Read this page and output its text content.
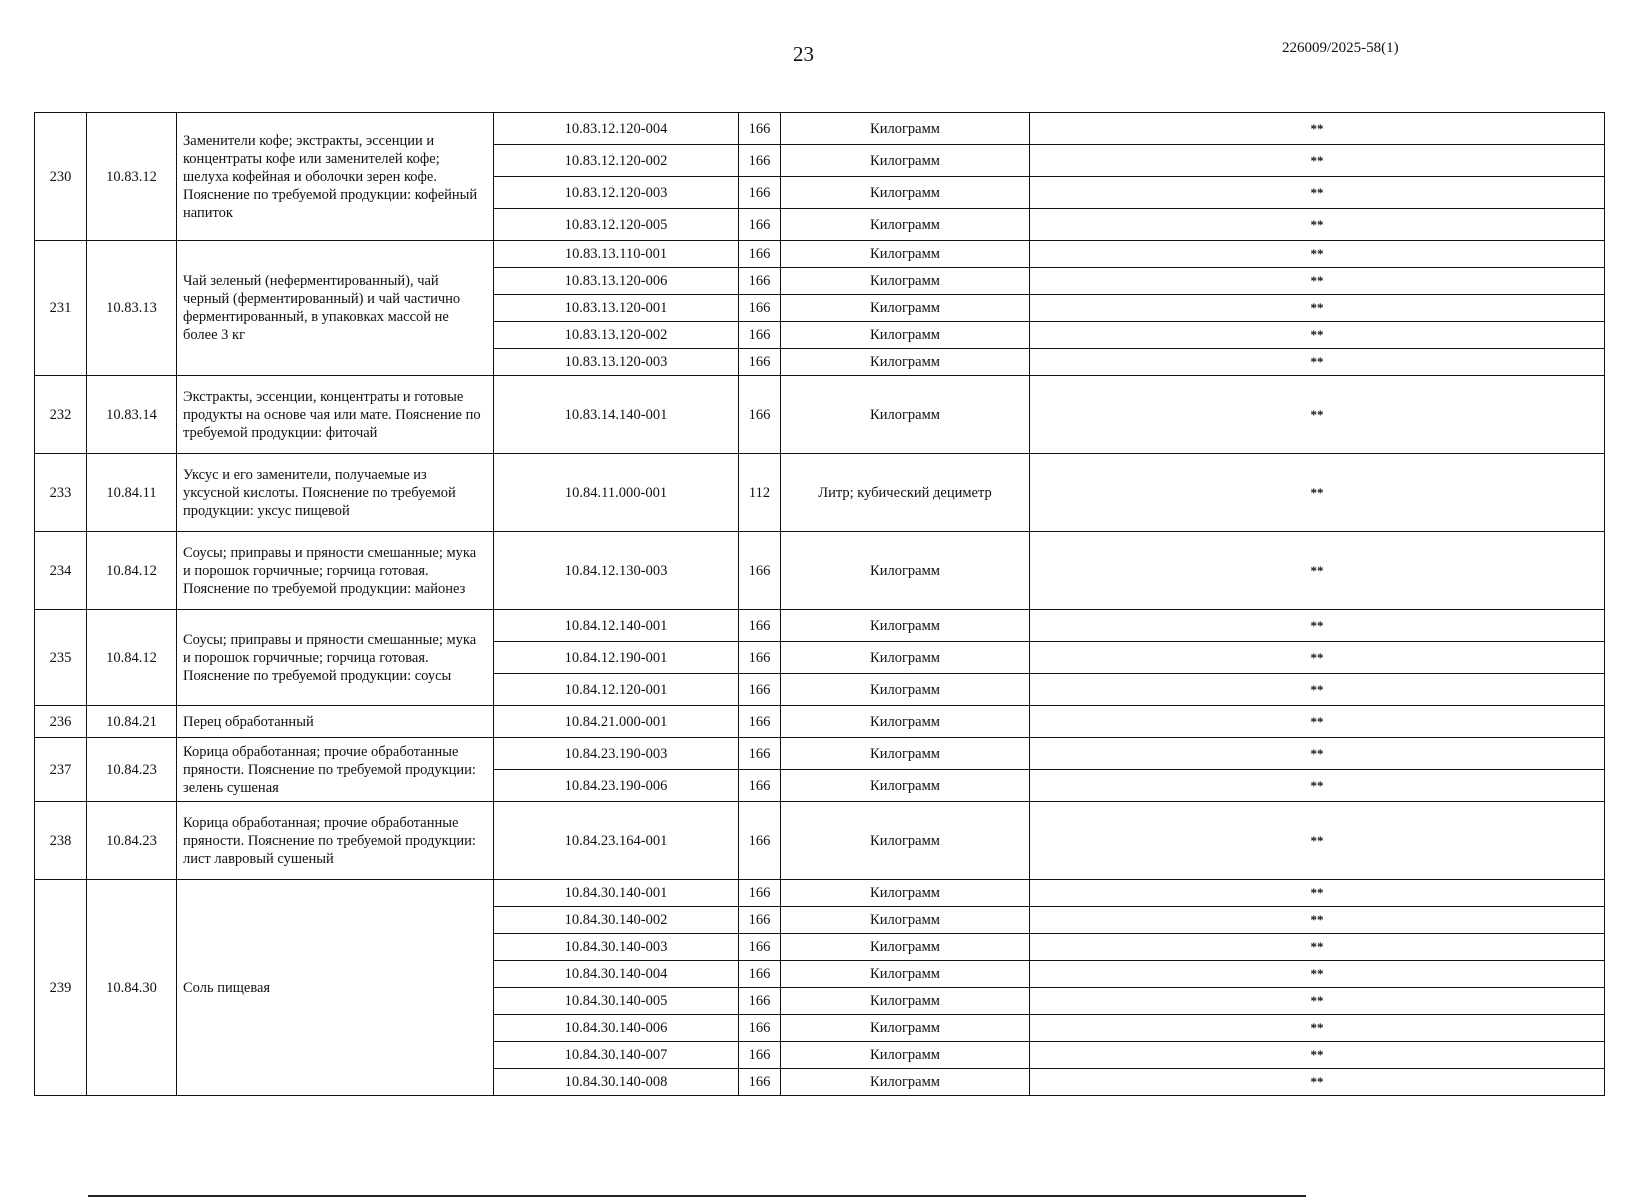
23	226009/2025-58(1)
230	10.83.12	Заменители кофе; экстракты, эссенции и концентраты кофе или заменителей кофе; шелуха кофейная и оболочки зерен кофе. Пояснение по требуемой продукции: кофейный напиток	10.83.12.120-004	166	Килограмм	**
			10.83.12.120-002	166	Килограмм	**
			10.83.12.120-003	166	Килограмм	**
			10.83.12.120-005	166	Килограмм	**
231	10.83.13	Чай зеленый (неферментированный), чай черный (ферментированный) и чай частично ферментированный, в упаковках массой не более 3 кг	10.83.13.110-001	166	Килограмм	**
			10.83.13.120-006	166	Килограмм	**
			10.83.13.120-001	166	Килограмм	**
			10.83.13.120-002	166	Килограмм	**
			10.83.13.120-003	166	Килограмм	**
232	10.83.14	Экстракты, эссенции, концентраты и готовые продукты на основе чая или мате. Пояснение по требуемой продукции: фиточай	10.83.14.140-001	166	Килограмм	**
233	10.84.11	Уксус и его заменители, получаемые из уксусной кислоты. Пояснение по требуемой продукции: уксус пищевой	10.84.11.000-001	112	Литр; кубический дециметр	**
234	10.84.12	Соусы; приправы и пряности смешанные; мука и порошок горчичные; горчица готовая. Пояснение по требуемой продукции: майонез	10.84.12.130-003	166	Килограмм	**
235	10.84.12	Соусы; приправы и пряности смешанные; мука и порошок горчичные; горчица готовая. Пояснение по требуемой продукции: соусы	10.84.12.140-001	166	Килограмм	**
			10.84.12.190-001	166	Килограмм	**
			10.84.12.120-001	166	Килограмм	**
236	10.84.21	Перец обработанный	10.84.21.000-001	166	Килограмм	**
237	10.84.23	Корица обработанная; прочие обработанные пряности. Пояснение по требуемой продукции: зелень сушеная	10.84.23.190-003	166	Килограмм	**
			10.84.23.190-006	166	Килограмм	**
238	10.84.23	Корица обработанная; прочие обработанные пряности. Пояснение по требуемой продукции: лист лавровый сушеный	10.84.23.164-001	166	Килограмм	**
239	10.84.30	Соль пищевая	10.84.30.140-001	166	Килограмм	**
			10.84.30.140-002	166	Килограмм	**
			10.84.30.140-003	166	Килограмм	**
			10.84.30.140-004	166	Килограмм	**
			10.84.30.140-005	166	Килограмм	**
			10.84.30.140-006	166	Килограмм	**
			10.84.30.140-007	166	Килограмм	**
			10.84.30.140-008	166	Килограмм	**
